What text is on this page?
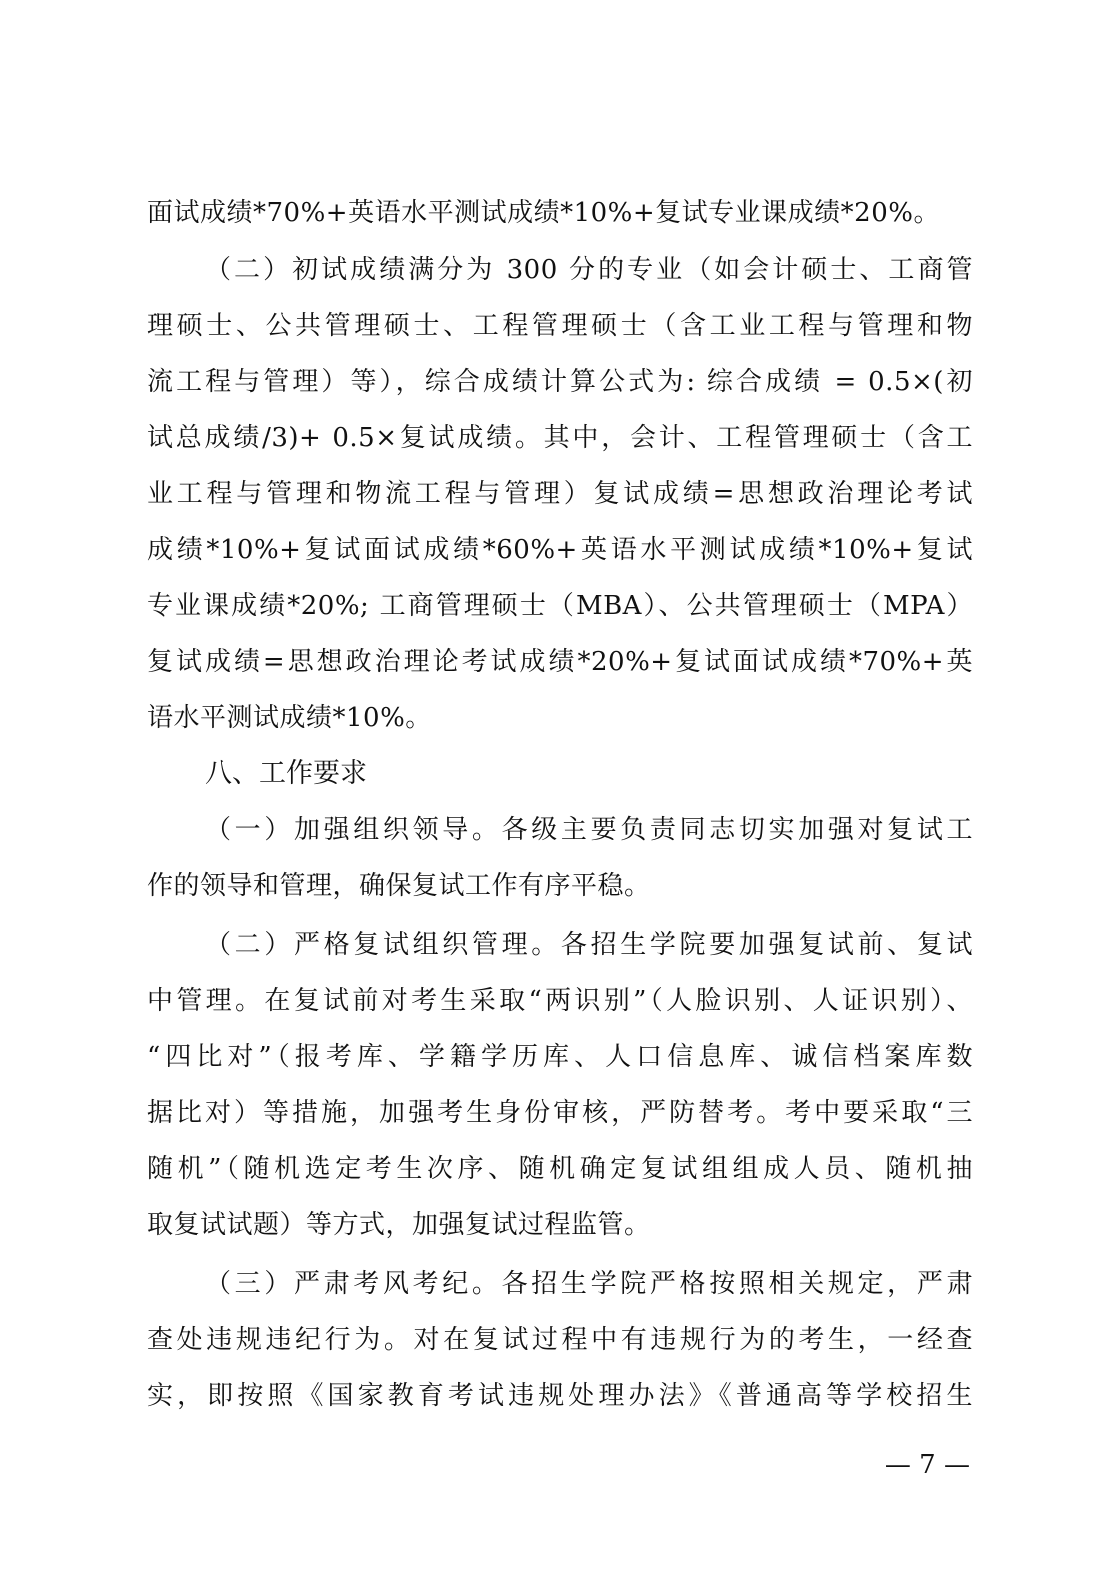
面试成绩*70%+英语水平测试成绩*10%+复试专业课成绩*20%。
（二）初试成绩满分为 300 分的专业（如会计硕士、工商管
理硕士、公共管理硕士、工程管理硕士（含工业工程与管理和物
流工程与管理）等），综合成绩计算公式为: 综合成绩 = 0.5×(初
试总成绩/3)+ 0.5×复试成绩。其中，会计、工程管理硕士（含工
业工程与管理和物流工程与管理）复试成绩=思想政治理论考试
成绩*10%+复试面试成绩*60%+英语水平测试成绩*10%+复试
专业课成绩*20%; 工商管理硕士（MBA）、公共管理硕士（MPA）
复试成绩=思想政治理论考试成绩*20%+复试面试成绩*70%+英
语水平测试成绩*10%。
八、工作要求
（一）加强组织领导。各级主要负责同志切实加强对复试工
作的领导和管理，确保复试工作有序平稳。
（二）严格复试组织管理。各招生学院要加强复试前、复试
中管理。在复试前对考生采取“两识别”（人脸识别、人证识别）、
“四比对”（报考库、学籍学历库、人口信息库、诚信档案库数
据比对）等措施，加强考生身份审核，严防替考。考中要采取“三
随机”（随机选定考生次序、随机确定复试组组成人员、随机抽
取复试试题）等方式，加强复试过程监管。
（三）严肃考风考纪。各招生学院严格按照相关规定，严肃
查处违规违纪行为。对在复试过程中有违规行为的考生，一经查
实，即按照《国家教育考试违规处理办法》《普通高等学校招生
— 7 —
